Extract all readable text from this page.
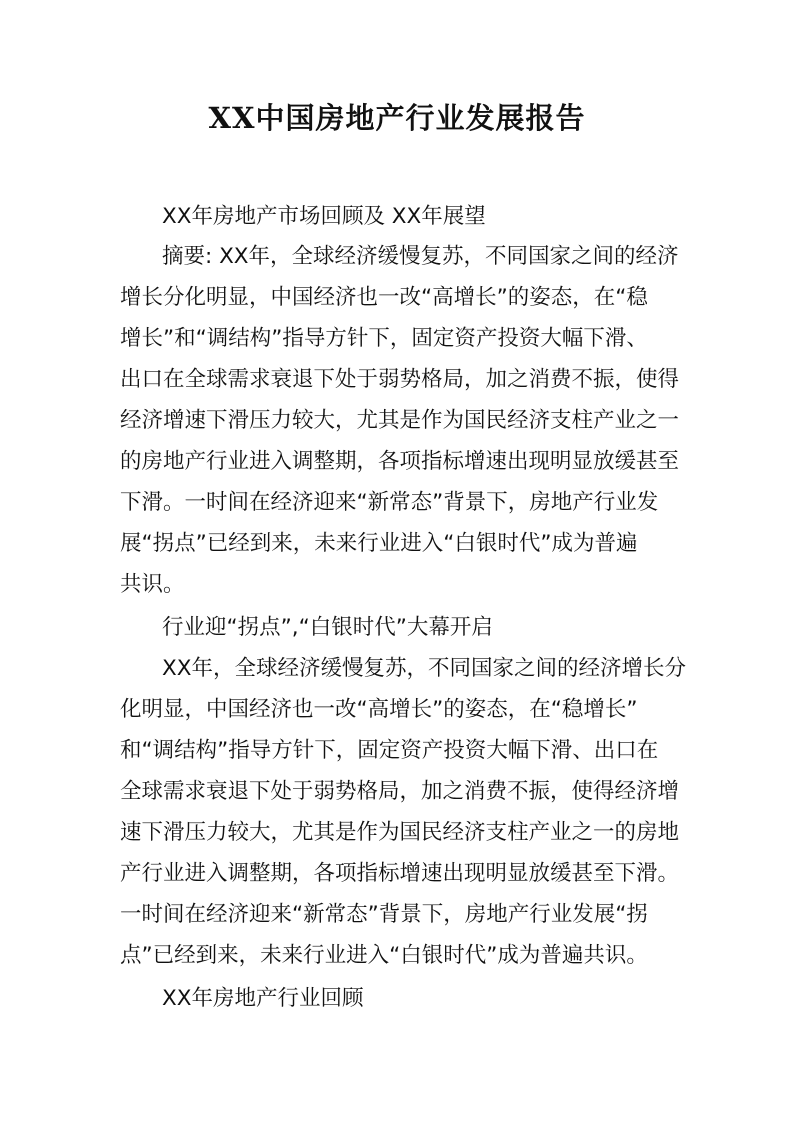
XX中国房地产行业发展报告
XX年房地产市场回顾及 XX年展望
摘要: XX年，全球经济缓慢复苏，不同国家之间的经济
增长分化明显，中国经济也一改“高增长”的姿态，在“稳
增长”和“调结构”指导方针下，固定资产投资大幅下滑、
出口在全球需求衰退下处于弱势格局，加之消费不振，使得
经济增速下滑压力较大，尤其是作为国民经济支柱产业之一
的房地产行业进入调整期，各项指标增速出现明显放缓甚至
下滑。一时间在经济迎来“新常态”背景下，房地产行业发
展“拐点”已经到来，未来行业进入“白银时代”成为普遍
共识。
行业迎“拐点”,“白银时代”大幕开启
XX年，全球经济缓慢复苏，不同国家之间的经济增长分
化明显，中国经济也一改“高增长”的姿态，在“稳增长”
和“调结构”指导方针下，固定资产投资大幅下滑、出口在
全球需求衰退下处于弱势格局，加之消费不振，使得经济增
速下滑压力较大，尤其是作为国民经济支柱产业之一的房地
产行业进入调整期，各项指标增速出现明显放缓甚至下滑。
一时间在经济迎来“新常态”背景下，房地产行业发展“拐
点”已经到来，未来行业进入“白银时代”成为普遍共识。
XX年房地产行业回顾
